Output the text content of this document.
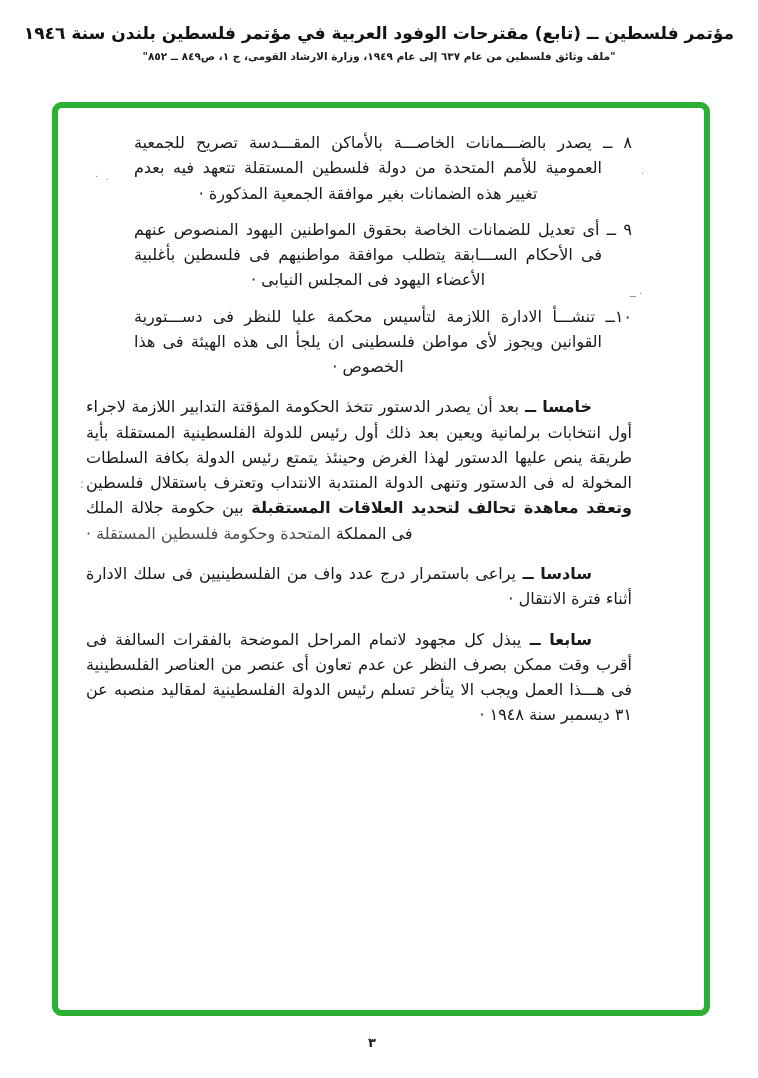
مؤتمر فلسطين ــ (تابع) مقترحات الوفود العربية في مؤتمر فلسطين بلندن سنة ١٩٤٦
"ملف وثائق فلسطين من عام ٦٣٧ إلى عام ١٩٤٩، وزارة الارشاد القومى، ج ١، ص٨٤٩ ــ ٨٥٢"

٨ ــ يصدر بالضـــمانات الخاصـــة بالأماكن المقـــدسة تصريح للجمعية العمومية للأمم المتحدة من دولة فلسطين المستقلة تتعهد فيه بعدم تغيير هذه الضمانات بغير موافقة الجمعية المذكورة ·

٩ ــ أى تعديل للضمانات الخاصة بحقوق المواطنين اليهود المنصوص عنهم فى الأحكام الســـابقة يتطلب موافقة مواطنيهم فى فلسطين بأغلبية الأعضاء اليهود فى المجلس النيابى ·

١٠ــ تنشـــأ الادارة اللازمة لتأسيس محكمة عليا للنظر فى دســـتورية القوانين ويجوز لأى مواطن فلسطينى ان يلجأ الى هذه الهيئة فى هذا الخصوص ·

خامسا ــ بعد أن يصدر الدستور تتخذ الحكومة المؤقتة التدابير اللازمة لاجراء أول انتخابات برلمانية ويعين بعد ذلك أول رئيس للدولة الفلسطينية المستقلة بأية طريقة ينص عليها الدستور لهذا الغرض وحينئذ يتمتع رئيس الدولة بكافة السلطات المخولة له فى الدستور وتنهى الدولة المنتدبة الانتداب وتعترف باستقلال فلسطين وتعقد معاهدة تحالف لتحديد العلاقات المستقبلة بين حكومة جلالة الملك فى المملكة المتحدة وحكومة فلسطين المستقلة ·

سادسا ــ يراعى باستمرار درج عدد واف من الفلسطينيين فى سلك الادارة أثناء فترة الانتقال ·

سابعا ــ يبذل كل مجهود لاتمام المراحل الموضحة بالفقرات السالفة فى أقرب وقت ممكن بصرف النظر عن عدم تعاون أى عنصر من العناصر الفلسطينية فى هـــذا العمل ويجب الا يتأخر تسلم رئيس الدولة الفلسطينية لمقاليد منصبه عن ٣١ ديسمبر سنة ١٩٤٨ ·

ــ ·
:
· .
.
٣
